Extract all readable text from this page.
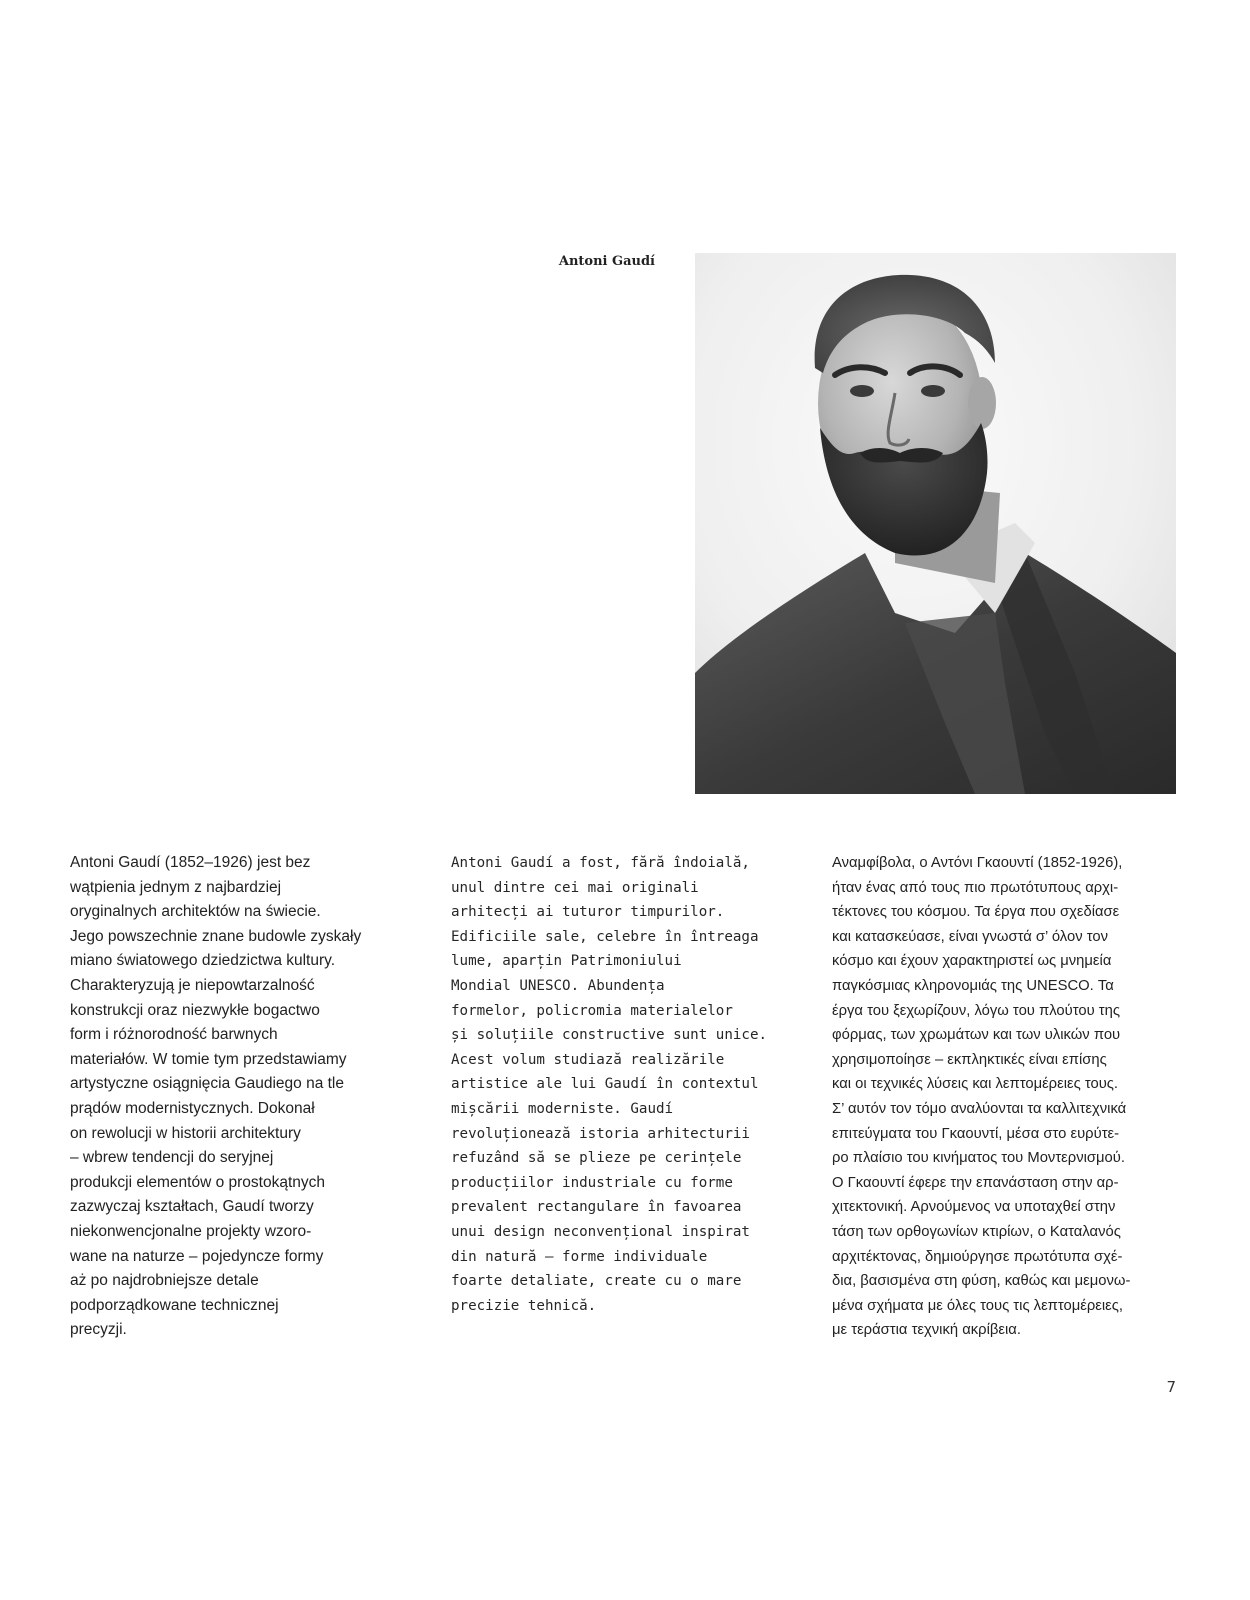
Antoni Gaudí
Antoni Gaudí (1852–1926) jest bez
wątpienia jednym z najbardziej
oryginalnych architektów na świecie.
Jego powszechnie znane budowle zyskały
miano światowego dziedzictwa kultury.
Charakteryzują je niepowtarzalność
konstrukcji oraz niezwykłe bogactwo
form i różnorodność barwnych
materiałów. W tomie tym przedstawiamy
artystyczne osiągnięcia Gaudiego na tle
prądów modernistycznych. Dokonał
on rewolucji w historii architektury
– wbrew tendencji do seryjnej
produkcji elementów o prostokątnych
zazwyczaj kształtach, Gaudí tworzy
niekonwencjonalne projekty wzoro-
wane na naturze – pojedyncze formy
aż po najdrobniejsze detale
podporządkowane technicznej
precyzji.
Antoni Gaudí a fost, fără îndoială,
unul dintre cei mai originali
arhitecți ai tuturor timpurilor.
Edificiile sale, celebre în întreaga
lume, aparțin Patrimoniului
Mondial UNESCO. Abundența
formelor, policromia materialelor
și soluțiile constructive sunt unice.
Acest volum studiază realizările
artistice ale lui Gaudí în contextul
mișcării moderniste. Gaudí
revoluționează istoria arhitecturii
refuzând să se plieze pe cerințele
producțiilor industriale cu forme
prevalent rectangulare în favoarea
unui design neconvențional inspirat
din natură – forme individuale
foarte detaliate, create cu o mare
precizie tehnică.
Αναμφίβολα, ο Αντόνι Γκαουντί (1852-1926),
ήταν ένας από τους πιο πρωτότυπους αρχι-
τέκτονες του κόσμου. Τα έργα που σχεδίασε
και κατασκεύασε, είναι γνωστά σ’ όλον τον
κόσμο και έχουν χαρακτηριστεί ως μνημεία
παγκόσμιας κληρονομιάς της UNESCO. Τα
έργα του ξεχωρίζουν, λόγω του πλούτου της
φόρμας, των χρωμάτων και των υλικών που
χρησιμοποίησε – εκπληκτικές είναι επίσης
και οι τεχνικές λύσεις και λεπτομέρειες τους.
Σ’ αυτόν τον τόμο αναλύονται τα καλλιτεχνικά
επιτεύγματα του Γκαουντί, μέσα στο ευρύτε-
ρο πλαίσιο του κινήματος του Μοντερνισμού.
Ο Γκαουντί έφερε την επανάσταση στην αρ-
χιτεκτονική. Αρνούμενος να υποταχθεί στην
τάση των ορθογωνίων κτιρίων, ο Καταλανός
αρχιτέκτονας, δημιούργησε πρωτότυπα σχέ-
δια, βασισμένα στη φύση, καθώς και μεμονω-
μένα σχήματα με όλες τους τις λεπτομέρειες,
με τεράστια τεχνική ακρίβεια.
7
